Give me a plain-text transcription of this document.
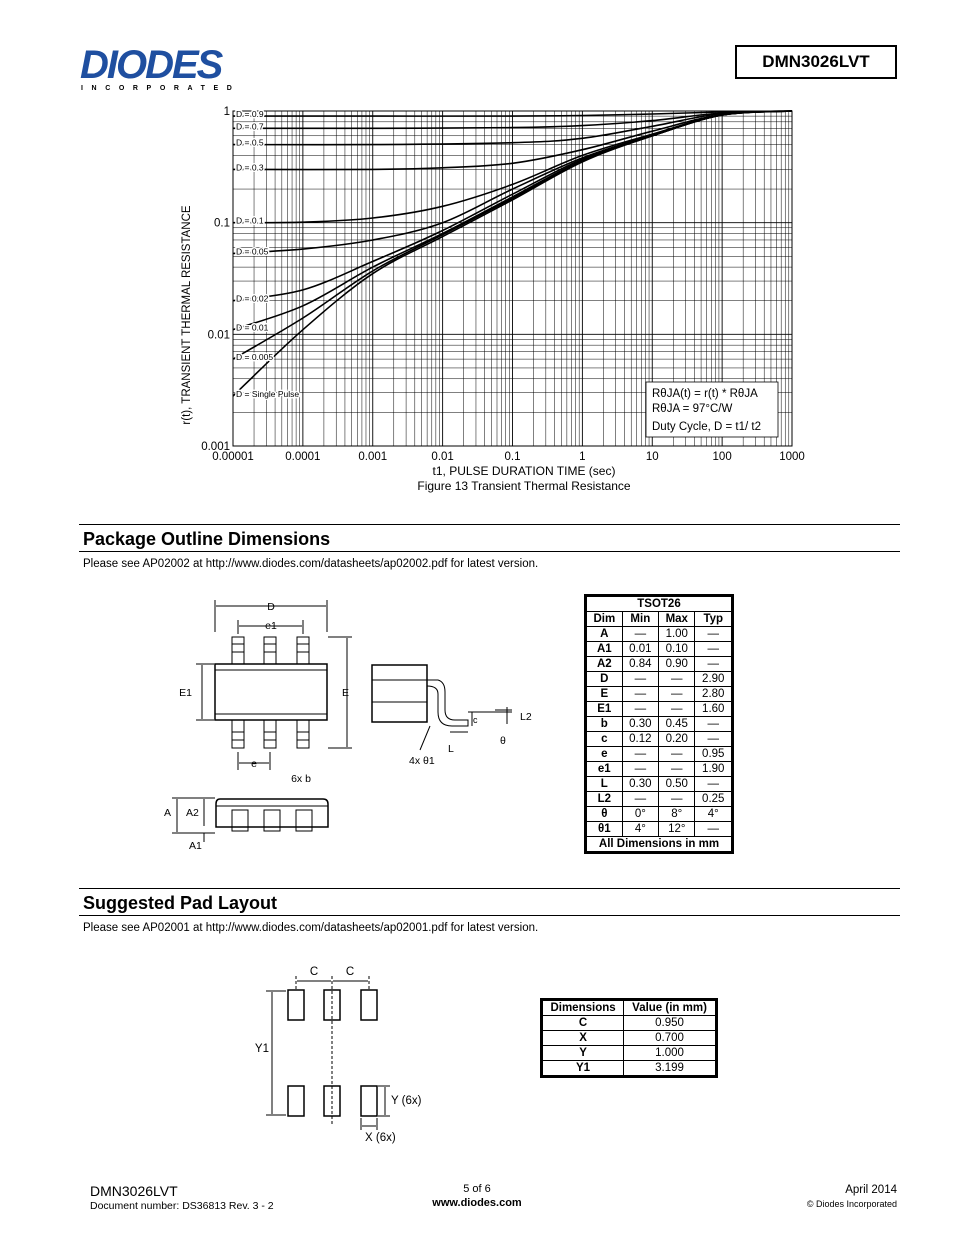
DIODES
INCORPORATED
DMN3026LVT
0.00001	0.0001	0.001	0.01	0.1	1	10	100	1000
0.001
0.01
0.1
1 D = 0.9
D = 0.7
D = 0.5
D = 0.3
D = 0.1
D = 0.05
D = 0.02
D = 0.01
D = 0.005
D = Single Pulse	RθJA(t) = r(t) * RθJA
RθJA = 97°C/W
Duty Cycle, D = t1/ t2
t1, PULSE DURATION TIME (sec)
Figure 13 Transient Thermal Resistance
r(t), TRANSIENT THERMAL RESISTANCE
Package Outline Dimensions
Please see AP02002 at http://www.diodes.com/datasheets/ap02002.pdf for latest version.
D
e1
E1	E
e
6x b
c	L2
θ
L
4x θ1
A A2
A1
TSOT26			
Dim	Min	Max	Typ
A	—	1.00	—
A1	0.01	0.10	—
A2	0.84	0.90	—
D	—	—	2.90
E	—	—	2.80
E1	—	—	1.60
b	0.30	0.45	—
c	0.12	0.20	—
e	—	—	0.95
e1	—	—	1.90
L	0.30	0.50	—
L2	—	—	0.25
θ	0°	8°	4°
θ1	4°	12°	—
All Dimensions in mm			
Suggested Pad Layout
Please see AP02001 at http://www.diodes.com/datasheets/ap02001.pdf for latest version.
C C
Y1
Y (6x)
X (6x)
Dimensions	Value (in mm)
C	0.950
X	0.700
Y	1.000
Y1	3.199
DMN3026LVT
Document number: DS36813 Rev. 3 - 2
5 of 6
www.diodes.com
April 2014
© Diodes Incorporated
